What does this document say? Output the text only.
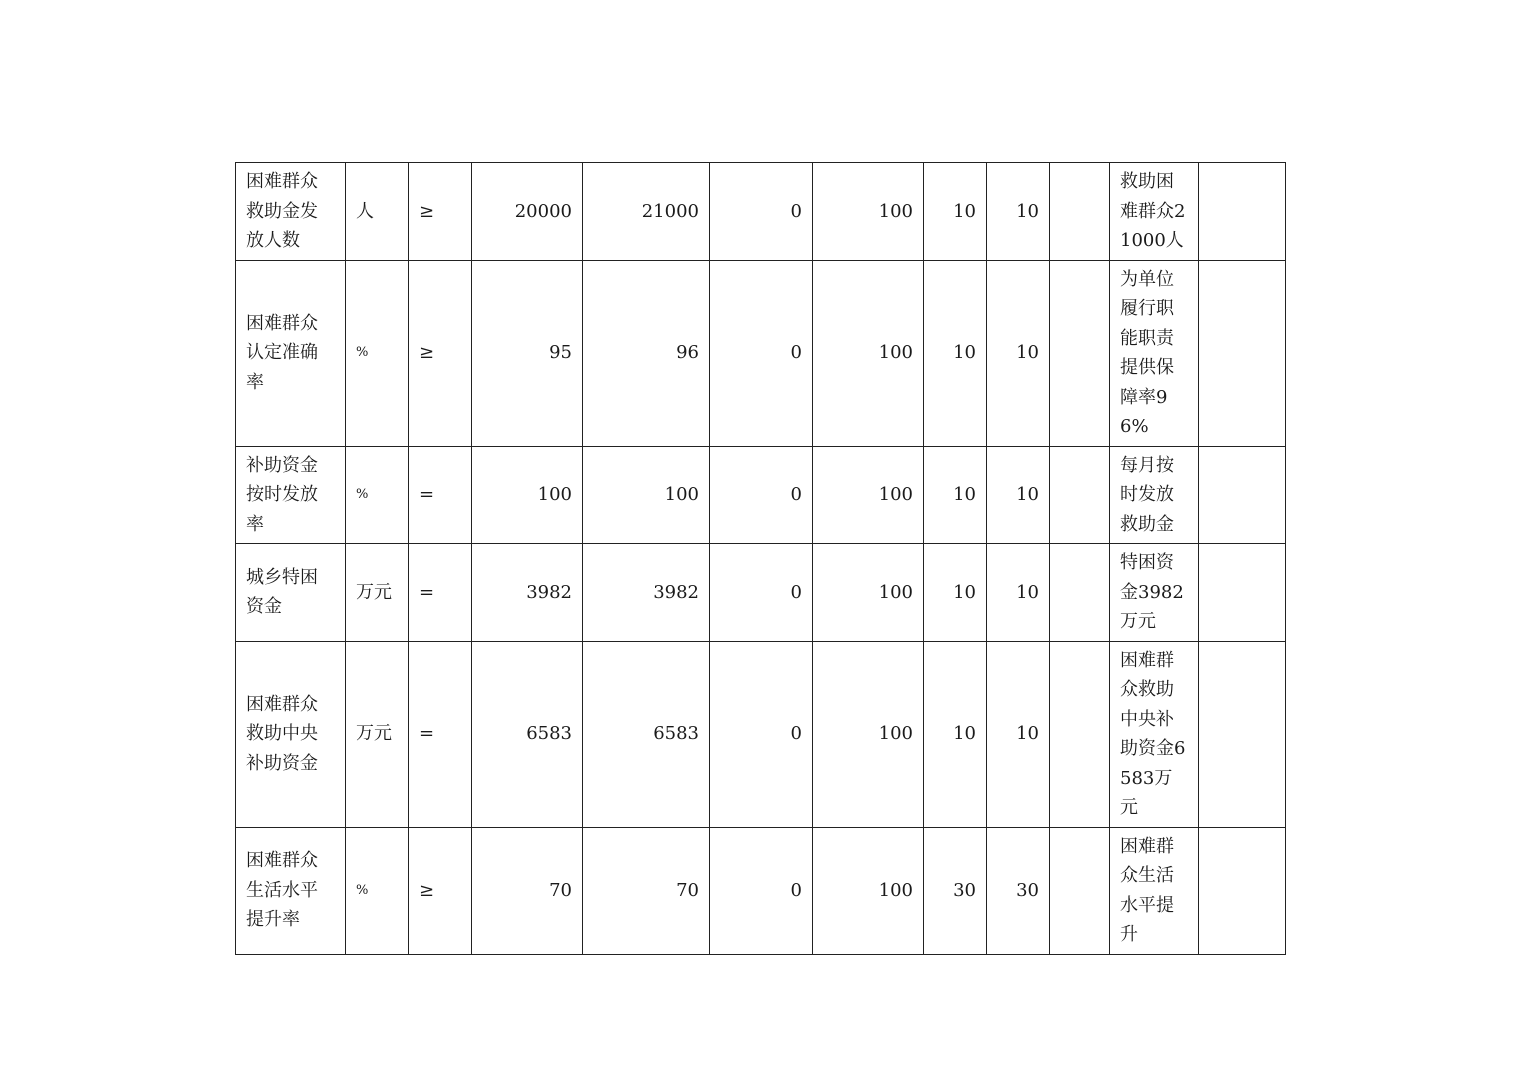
困难群众救助金发放人数	人	≥	20000	21000	0	100	10	10		救助困难群众21000人	
困难群众认定准确率	%	≥	95	96	0	100	10	10		为单位履行职能职责提供保障率96%	
补助资金按时发放率	%	=	100	100	0	100	10	10		每月按时发放救助金	
城乡特困资金	万元	=	3982	3982	0	100	10	10		特困资金3982万元	
困难群众救助中央补助资金	万元	=	6583	6583	0	100	10	10		困难群众救助中央补助资金6583万元	
困难群众生活水平提升率	%	≥	70	70	0	100	30	30		困难群众生活水平提升	
